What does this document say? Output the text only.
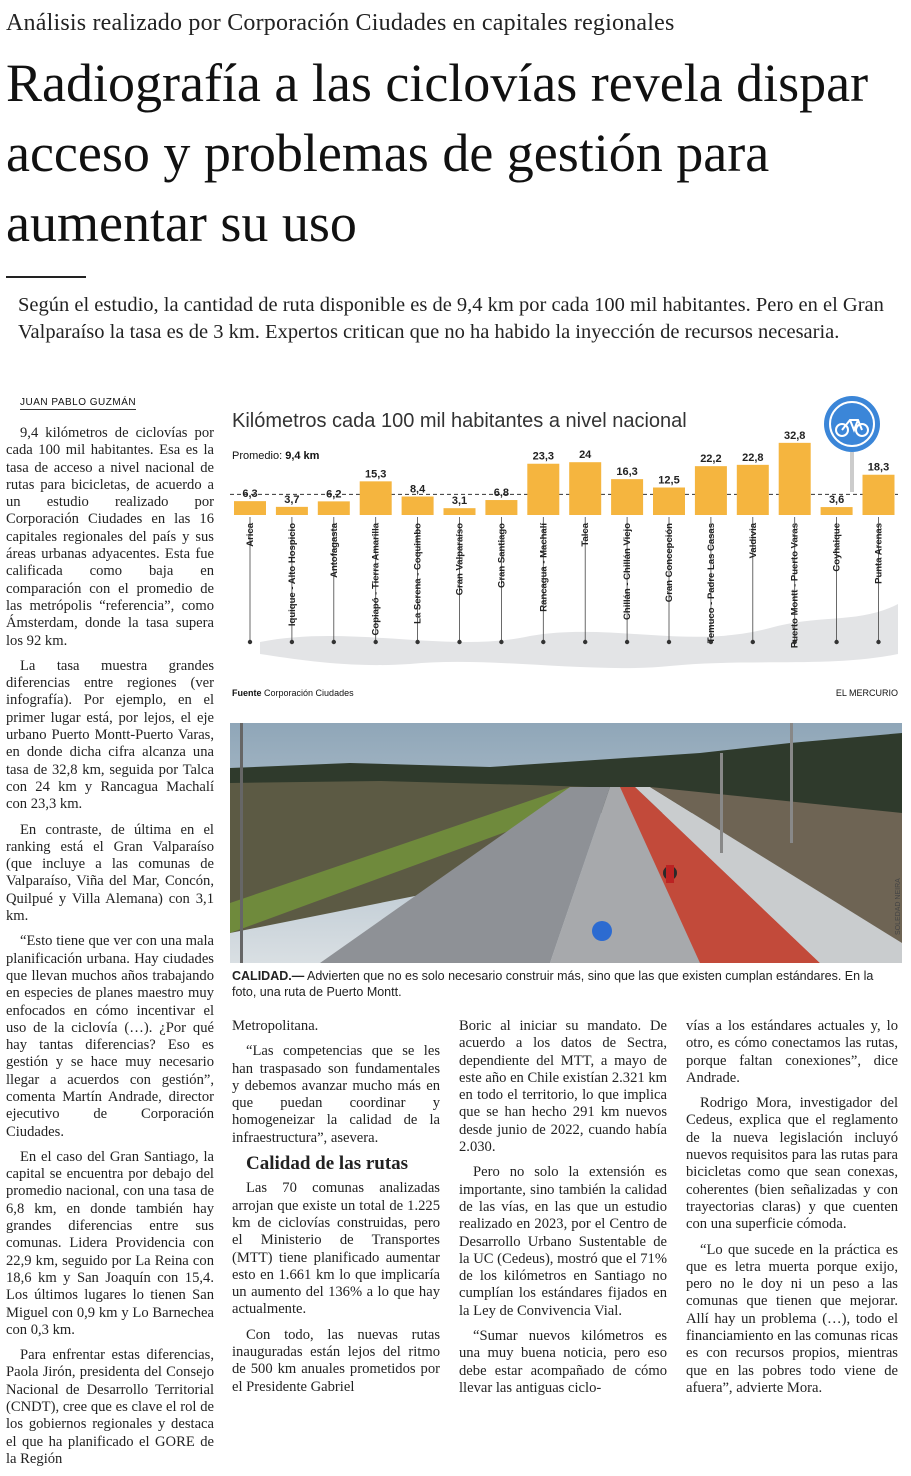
Análisis realizado por Corporación Ciudades en capitales regionales
Radiografía a las ciclovías revela dispar acceso y problemas de gestión para aumentar su uso
Según el estudio, la cantidad de ruta disponible es de 9,4 km por cada 100 mil habitantes. Pero en el Gran Valparaíso la tasa es de 3 km. Expertos critican que no ha habido la inyección de recursos necesaria.
JUAN PABLO GUZMÁN

9,4 kilómetros de ciclovías por cada 100 mil habitantes. Esa es la tasa de acceso a nivel nacional de rutas para bicicletas, de acuerdo a un estudio realizado por Corporación Ciudades en las 16 capitales regionales del país y sus áreas urbanas adyacentes. Esta fue calificada como baja en comparación con el promedio de las metrópolis “referencia”, como Ámsterdam, donde la tasa supera los 92 km.

La tasa muestra grandes diferencias entre regiones (ver infografía). Por ejemplo, en el primer lugar está, por lejos, el eje urbano Puerto Montt-Puerto Varas, en donde dicha cifra alcanza una tasa de 32,8 km, seguida por Talca con 24 km y Rancagua Machalí con 23,3 km.

En contraste, de última en el ranking está el Gran Valparaíso (que incluye a las comunas de Valparaíso, Viña del Mar, Concón, Quilpué y Villa Alemana) con 3,1 km.

“Esto tiene que ver con una mala planificación urbana. Hay ciudades que llevan muchos años trabajando en especies de planes maestro muy enfocados en cómo incentivar el uso de la ciclovía (…). ¿Por qué hay tantas diferencias? Eso es gestión y se hace muy necesario llegar a acuerdos con gestión”, comenta Martín Andrade, director ejecutivo de Corporación Ciudades.

En el caso del Gran Santiago, la capital se encuentra por debajo del promedio nacional, con una tasa de 6,8 km, en donde también hay grandes diferencias entre sus comunas. Lidera Providencia con 22,9 km, seguido por La Reina con 18,6 km y San Joaquín con 15,4. Los últimos lugares lo tienen San Miguel con 0,9 km y Lo Barnechea con 0,3 km.

Para enfrentar estas diferencias, Paola Jirón, presidenta del Consejo Nacional de Desarrollo Territorial (CNDT), cree que es clave el rol de los gobiernos regionales y destaca el que ha planificado el GORE de la Región

Kilómetros cada 100 mil habitantes a nivel nacional
Promedio: 9,4 km
6,3
Arica
3,7
Iquique - Alto Hospicio
6,2
Antofagasta
15,3
Copiapó - Tierra Amarilla
8,4
La Serena - Coquimbo
3,1
Gran Valparaíso
6,8
Gran Santiago
23,3
Rancagua - Machalí
24
Talca
16,3
Chillán - Chillán Viejo
12,5
Gran Concepción
22,2
Temuco - Padre Las Casas
22,8
Valdivia
32,8
Puerto Montt - Puerto Varas
3,6
Coyhaique
18,3
Punta Arenas
Fuente Corporación Ciudades	EL MERCURIO
SOLEDAD NEIRA
CALIDAD.— Advierten que no es solo necesario construir más, sino que las que existen cumplan estándares. En la foto, una ruta de Puerto Montt.

Metropolitana.

“Las competencias que se les han traspasado son fundamentales y debemos avanzar mucho más en que puedan coordinar y homogeneizar la calidad de la infraestructura”, asevera.

Calidad de las rutas

Las 70 comunas analizadas arrojan que existe un total de 1.225 km de ciclovías construidas, pero el Ministerio de Transportes (MTT) tiene planificado aumentar esto en 1.661 km lo que implicaría un aumento del 136% a lo que hay actualmente.

Con todo, las nuevas rutas inauguradas están lejos del ritmo de 500 km anuales prometidos por el Presidente Gabriel

Boric al iniciar su mandato. De acuerdo a los datos de Sectra, dependiente del MTT, a mayo de este año en Chile existían 2.321 km en todo el territorio, lo que implica que se han hecho 291 km nuevos desde junio de 2022, cuando había 2.030.

Pero no solo la extensión es importante, sino también la calidad de las vías, en las que un estudio realizado en 2023, por el Centro de Desarrollo Urbano Sustentable de la UC (Cedeus), mostró que el 71% de los kilómetros en Santiago no cumplían los estándares fijados en la Ley de Convivencia Vial.

“Sumar nuevos kilómetros es una muy buena noticia, pero eso debe estar acompañado de cómo llevar las antiguas ciclo-

vías a los estándares actuales y, lo otro, es cómo conectamos las rutas, porque faltan conexiones”, dice Andrade.

Rodrigo Mora, investigador del Cedeus, explica que el reglamento de la nueva legislación incluyó nuevos requisitos para las rutas para bicicletas como que sean conexas, coherentes (bien señalizadas y con trayectorias claras) y que cuenten con una superficie cómoda.

“Lo que sucede en la práctica es que es letra muerta porque exijo, pero no le doy ni un peso a las comunas que tienen que mejorar. Allí hay un problema (…), todo el financiamiento en las comunas ricas es con recursos propios, mientras que en las pobres todo viene de afuera”, advierte Mora.
